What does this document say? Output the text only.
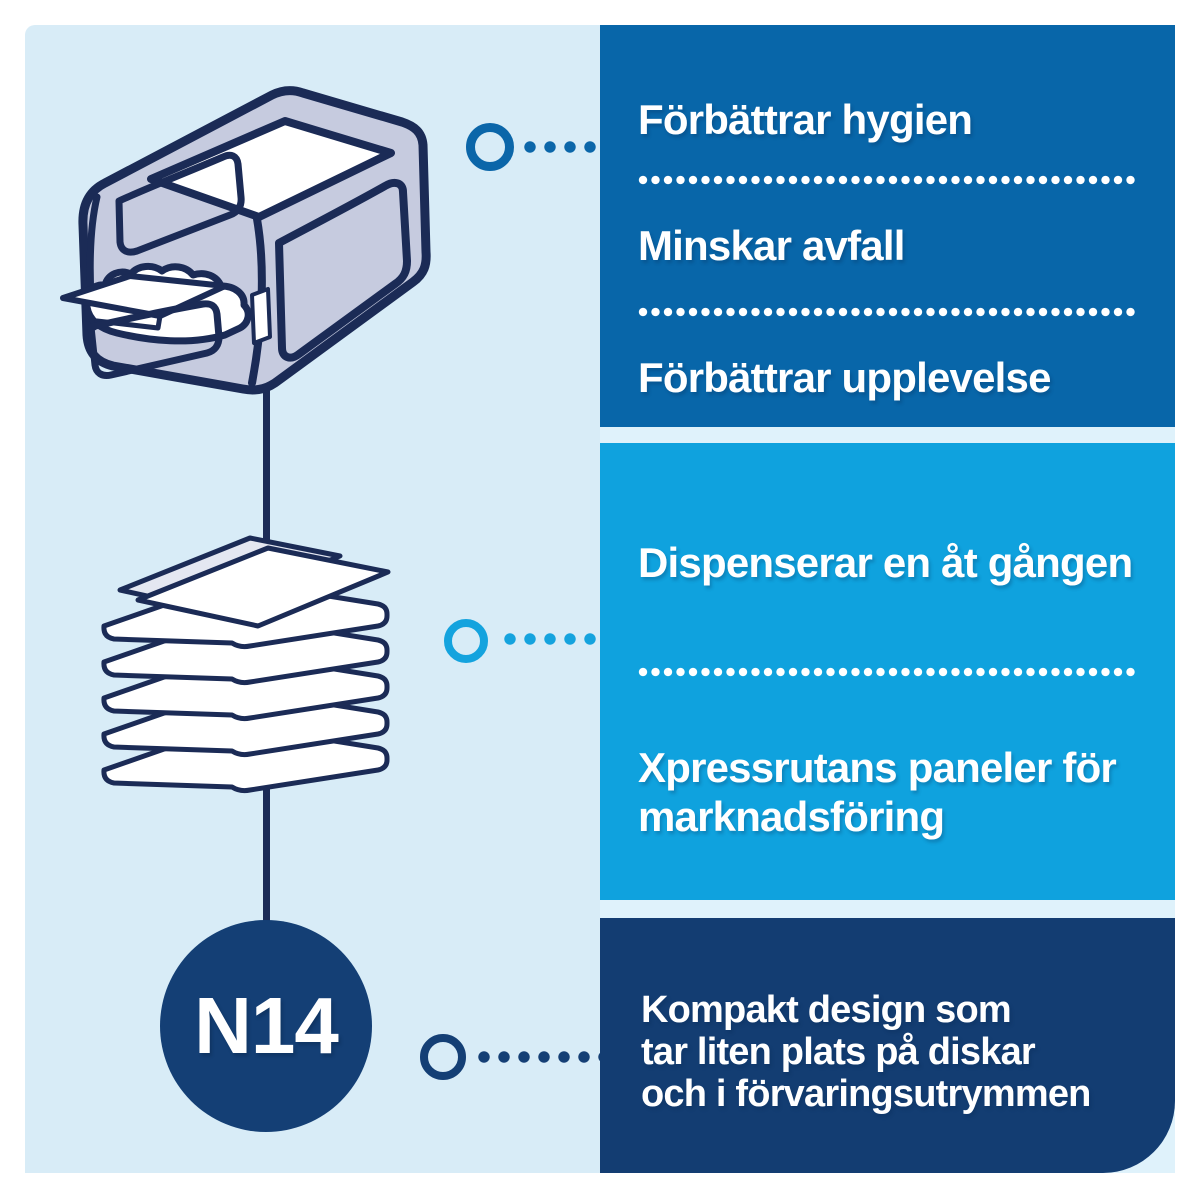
N14
Förbättrar hygien
Minskar avfall
Förbättrar upplevelse
Dispenserar en åt gången
Xpressrutans paneler för
marknadsföring
Kompakt design som
tar liten plats på diskar
och i förvaringsutrymmen
